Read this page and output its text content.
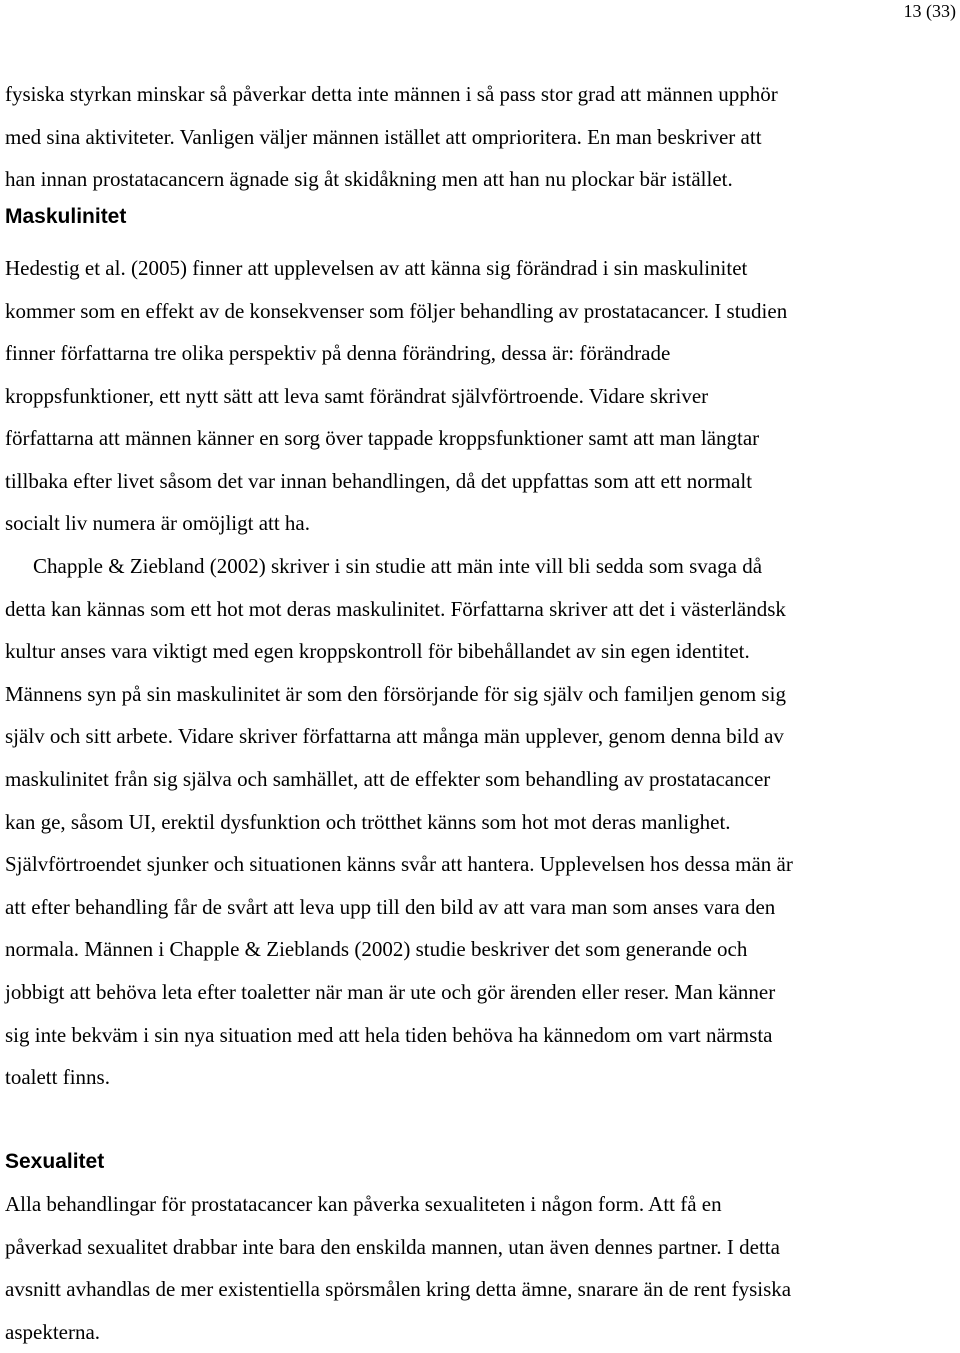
13 (33)
fysiska styrkan minskar så påverkar detta inte männen i så pass stor grad att männen upphör
med sina aktiviteter. Vanligen väljer männen istället att omprioritera. En man beskriver att
han innan prostatacancern ägnade sig åt skidåkning men att han nu plockar bär istället.
Maskulinitet
Hedestig et al. (2005) finner att upplevelsen av att känna sig förändrad i sin maskulinitet
kommer som en effekt av de konsekvenser som följer behandling av prostatacancer. I studien
finner författarna tre olika perspektiv på denna förändring, dessa är: förändrade
kroppsfunktioner, ett nytt sätt att leva samt förändrat självförtroende. Vidare skriver
författarna att männen känner en sorg över tappade kroppsfunktioner samt att man längtar
tillbaka efter livet såsom det var innan behandlingen, då det uppfattas som att ett normalt
socialt liv numera är omöjligt att ha.
Chapple & Ziebland (2002) skriver i sin studie att män inte vill bli sedda som svaga då
detta kan kännas som ett hot mot deras maskulinitet. Författarna skriver att det i västerländsk
kultur anses vara viktigt med egen kroppskontroll för bibehållandet av sin egen identitet.
Männens syn på sin maskulinitet är som den försörjande för sig själv och familjen genom sig
själv och sitt arbete. Vidare skriver författarna att många män upplever, genom denna bild av
maskulinitet från sig själva och samhället, att de effekter som behandling av prostatacancer
kan ge, såsom UI, erektil dysfunktion och trötthet känns som hot mot deras manlighet.
Självförtroendet sjunker och situationen känns svår att hantera. Upplevelsen hos dessa män är
att efter behandling får de svårt att leva upp till den bild av att vara man som anses vara den
normala. Männen i Chapple & Zieblands (2002) studie beskriver det som generande och
jobbigt att behöva leta efter toaletter när man är ute och gör ärenden eller reser. Man känner
sig inte bekväm i sin nya situation med att hela tiden behöva ha kännedom om vart närmsta
toalett finns.
Sexualitet
Alla behandlingar för prostatacancer kan påverka sexualiteten i någon form. Att få en
påverkad sexualitet drabbar inte bara den enskilda mannen, utan även dennes partner. I detta
avsnitt avhandlas de mer existentiella spörsmålen kring detta ämne, snarare än de rent fysiska
aspekterna.
